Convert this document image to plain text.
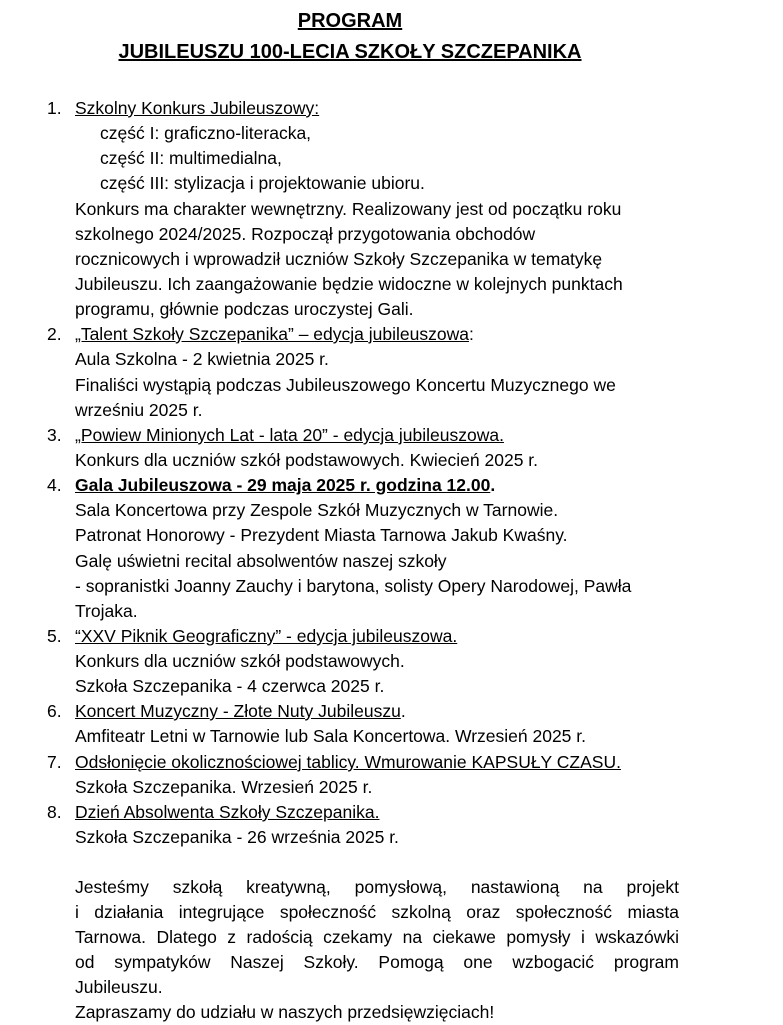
PROGRAM
JUBILEUSZU 100-LECIA SZKOŁY SZCZEPANIKA
1. Szkolny Konkurs Jubileuszowy:
część I: graficzno-literacka,
część II: multimedialna,
część III: stylizacja i projektowanie ubioru.
Konkurs ma charakter wewnętrzny. Realizowany jest od początku roku
szkolnego 2024/2025. Rozpoczął przygotowania obchodów
rocznicowych i wprowadził uczniów Szkoły Szczepanika w tematykę
Jubileuszu. Ich zaangażowanie będzie widoczne w kolejnych punktach
programu, głównie podczas uroczystej Gali.
2. „Talent Szkoły Szczepanika” – edycja jubileuszowa:
Aula Szkolna - 2 kwietnia 2025 r.
Finaliści wystąpią podczas Jubileuszowego Koncertu Muzycznego we
wrześniu 2025 r.
3. „Powiew Minionych Lat - lata 20” - edycja jubileuszowa.
Konkurs dla uczniów szkół podstawowych. Kwiecień 2025 r.
4. Gala Jubileuszowa - 29 maja 2025 r. godzina 12.00.
Sala Koncertowa przy Zespole Szkół Muzycznych w Tarnowie.
Patronat Honorowy - Prezydent Miasta Tarnowa Jakub Kwaśny.
Galę uświetni recital absolwentów naszej szkoły
- sopranistki Joanny Zauchy i barytona, solisty Opery Narodowej, Pawła
Trojaka.
5. “XXV Piknik Geograficzny” - edycja jubileuszowa.
Konkurs dla uczniów szkół podstawowych.
Szkoła Szczepanika - 4 czerwca 2025 r.
6. Koncert Muzyczny - Złote Nuty Jubileuszu.
Amfiteatr Letni w Tarnowie lub Sala Koncertowa. Wrzesień 2025 r.
7. Odsłonięcie okolicznościowej tablicy. Wmurowanie KAPSUŁY CZASU.
Szkoła Szczepanika. Wrzesień 2025 r.
8. Dzień Absolwenta Szkoły Szczepanika.
Szkoła Szczepanika - 26 września 2025 r.
Jesteśmy szkołą kreatywną, pomysłową, nastawioną na projekt
i działania integrujące społeczność szkolną oraz społeczność miasta
Tarnowa. Dlatego z radością czekamy na ciekawe pomysły i wskazówki
od sympatyków Naszej Szkoły. Pomogą one wzbogacić program
Jubileuszu.
Zapraszamy do udziału w naszych przedsięwzięciach!
